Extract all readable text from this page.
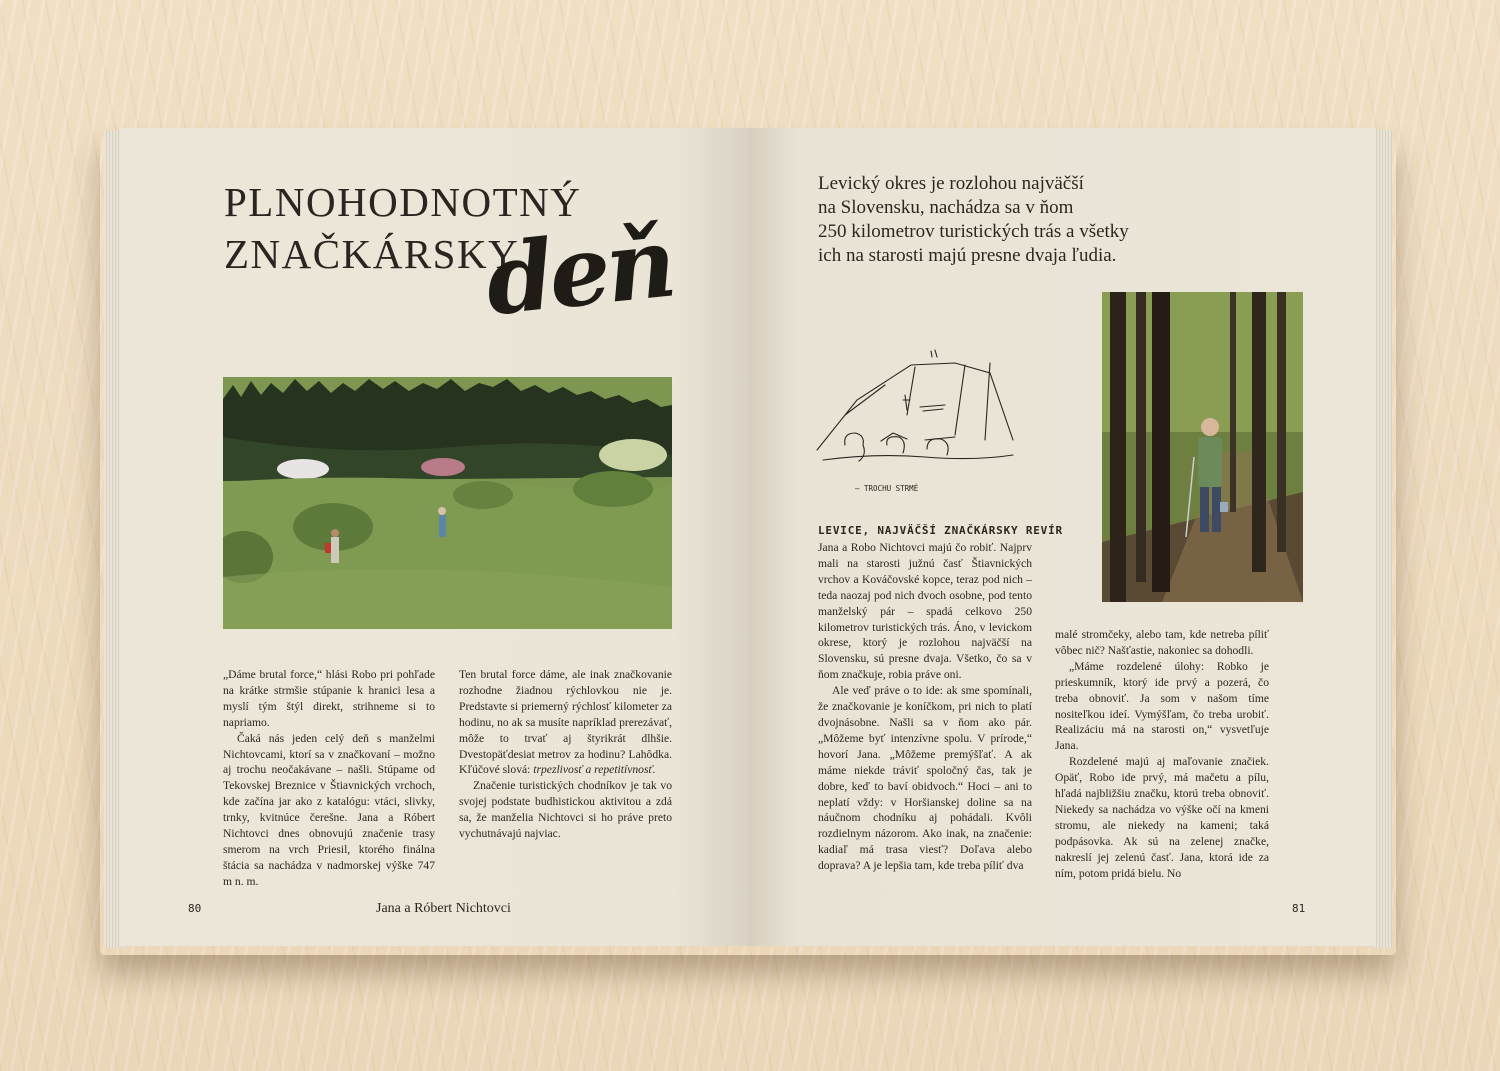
PLNOHODNOTNÝ
ZNAČKÁRSKY
deň

„Dáme brutal force,“ hlási Robo pri pohľade na krátke strmšie stúpanie k hranici lesa a myslí tým štýl direkt, strihneme si to napriamo.

Čaká nás jeden celý deň s manželmi Nichtovcami, ktorí sa v značkovaní – možno aj trochu neočakávane – našli. Stúpame od Tekovskej Breznice v Štiavnických vrchoch, kde začína jar ako z katalógu: vtáci, slivky, trnky, kvitnúce čerešne. Jana a Róbert Nichtovci dnes obnovujú značenie trasy smerom na vrch Priesil, ktorého finálna štácia sa nachádza v nadmorskej výške 747 m n. m.

Ten brutal force dáme, ale inak značkovanie rozhodne žiadnou rýchlovkou nie je. Predstavte si priemerný rýchlosť kilometer za hodinu, no ak sa musíte napríklad prerezávať, môže to trvať aj štyrikrát dlhšie. Dvestopäťdesiat metrov za hodinu? Lahôdka. Kľúčové slová: trpezlivosť a repetitívnosť.

Značenie turistických chodníkov je tak vo svojej podstate budhistickou aktivitou a zdá sa, že manželia Nichtovci si ho práve preto vychutnávajú najviac.

80	Jana a Róbert Nichtovci
Levický okres je rozlohou najväčší
na Slovensku, nachádza sa v ňom
250 kilometrov turistických trás a všetky
ich na starosti majú presne dvaja ľudia.
– TROCHU STRMÉ
LEVICE, NAJVÄČŠÍ ZNAČKÁRSKY REVÍR

Jana a Robo Nichtovci majú čo robiť. Najprv mali na starosti južnú časť Štiavnických vrchov a Kováčovské kopce, teraz pod nich – teda naozaj pod nich dvoch osobne, pod tento manželský pár – spadá celkovo 250 kilometrov turistických trás. Áno, v levickom okrese, ktorý je rozlohou najväčší na Slovensku, sú presne dvaja. Všetko, čo sa v ňom značkuje, robia práve oni.

Ale veď práve o to ide: ak sme spomínali, že značkovanie je koníčkom, pri nich to platí dvojnásobne. Našli sa v ňom ako pár. „Môžeme byť intenzívne spolu. V prírode,“ hovorí Jana. „Môžeme premýšľať. A ak máme niekde tráviť spoločný čas, tak je dobre, keď to baví obidvoch.“ Hoci – ani to neplatí vždy: v Horšianskej doline sa na náučnom chodníku aj pohádali. Kvôli rozdielnym názorom. Ako inak, na značenie: kadiaľ má trasa viesť? Doľava alebo doprava? A je lepšia tam, kde treba píliť dva

malé stromčeky, alebo tam, kde netreba píliť vôbec nič? Našťastie, nakoniec sa dohodli.

„Máme rozdelené úlohy: Robko je prieskumník, ktorý ide prvý a pozerá, čo treba obnoviť. Ja som v našom tíme nositeľkou ideí. Vymýšľam, čo treba urobiť. Realizáciu má na starosti on,“ vysvetľuje Jana.

Rozdelené majú aj maľovanie značiek. Opäť, Robo ide prvý, má mačetu a pílu, hľadá najbližšiu značku, ktorú treba obnoviť. Niekedy sa nachádza vo výške očí na kmeni stromu, ale niekedy na kameni; taká podpásovka. Ak sú na zelenej značke, nakreslí jej zelenú časť. Jana, ktorá ide za ním, potom pridá bielu. No

81
